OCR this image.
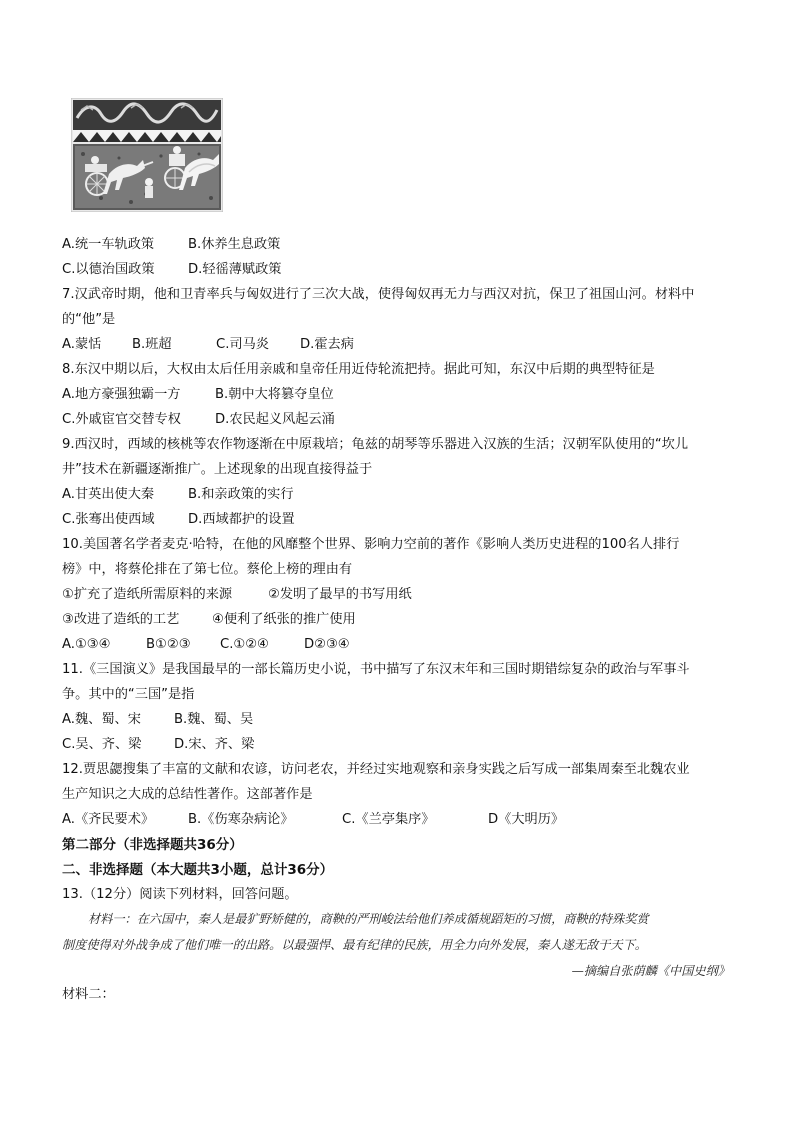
A.统一车轨政策	B.休养生息政策
C.以德治国政策	D.轻徭薄赋政策
7.汉武帝时期，他和卫青率兵与匈奴进行了三次大战，使得匈奴再无力与西汉对抗，保卫了祖国山河。材料中
的“他”是
A.蒙恬 B.班超	C.司马炎 D.霍去病
8.东汉中期以后，大权由太后任用亲戚和皇帝任用近侍轮流把持。据此可知，东汉中后期的典型特征是
A.地方豪强独霸一方	B.朝中大将篡夺皇位
C.外戚宦官交替专权	D.农民起义风起云涌
9.西汉时，西域的核桃等农作物逐渐在中原栽培；龟兹的胡琴等乐器进入汉族的生活；汉朝军队使用的“坎儿
井”技术在新疆逐渐推广。上述现象的出现直接得益于
A.甘英出使大秦	B.和亲政策的实行
C.张骞出使西域	D.西域都护的设置
10.美国著名学者麦克·哈特，在他的风靡整个世界、影响力空前的著作《影响人类历史进程的100名人排行
榜》中，将蔡伦排在了第七位。蔡伦上榜的理由有
①扩充了造纸所需原料的来源	②发明了最早的书写用纸
③改进了造纸的工艺 ④便利了纸张的推广使用
A.①③④	B①②③ C.①②④	D②③④
11.《三国演义》是我国最早的一部长篇历史小说，书中描写了东汉末年和三国时期错综复杂的政治与军事斗
争。其中的“三国”是指
A.魏、蜀、宋	B.魏、蜀、吴
C.吴、齐、梁 D.宋、齐、梁
12.贾思勰搜集了丰富的文献和农谚，访问老农，并经过实地观察和亲身实践之后写成一部集周秦至北魏农业
生产知识之大成的总结性著作。这部著作是
A.《齐民要术》	B.《伤寒杂病论》	C.《兰亭集序》	D《大明历》
第二部分（非选择题共36分）
二、非选择题（本大题共3小题，总计36分）
13.（12分）阅读下列材料，回答问题。
材料一：在六国中，秦人是最犷野矫健的，商鞅的严刑峻法给他们养成循规蹈矩的习惯，商鞅的特殊奖赏
制度使得对外战争成了他们唯一的出路。以最强悍、最有纪律的民族，用全力向外发展，秦人遂无敌于天下。
—摘编自张荫麟《中国史纲》
材料二：
